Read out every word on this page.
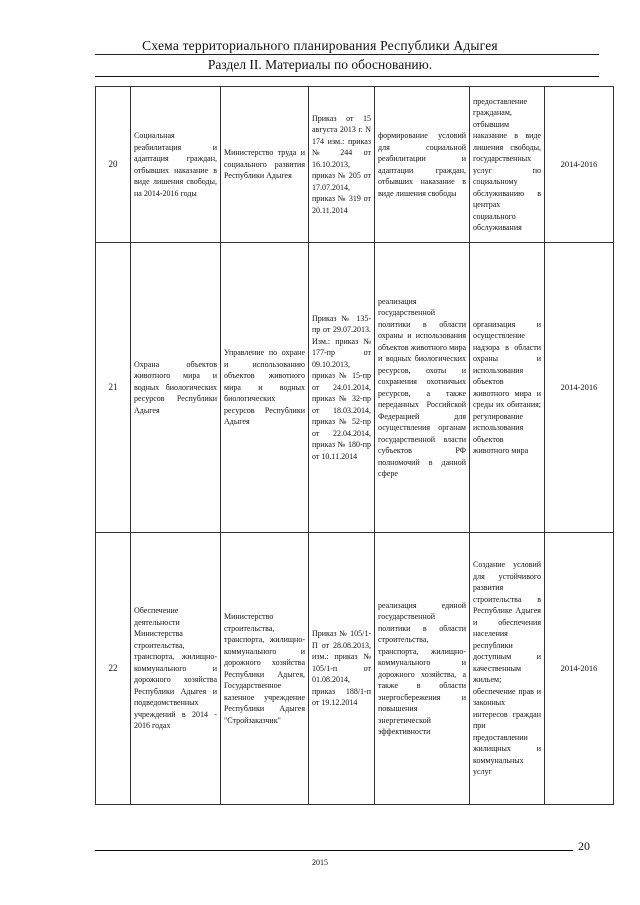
Схема территориального планирования Республики Адыгея
Раздел II. Материалы по обоснованию.
20	Социальная реабилитация и адаптация граждан, отбывших наказание в виде лишения свободы, на 2014-2016 годы	Министерство труда и социального развития Республики Адыгея	Приказ от 15 августа 2013 г. N 174 изм.: приказ № 244 от 16.10.2013, приказ № 205 от 17.07.2014, приказ № 319 от 20.11.2014	формирование условий для социальной реабилитации и адаптации граждан, отбывших наказание в виде лишения свободы	предоставление гражданам, отбывшим наказание в виде лишения свободы, государственных услуг по социальному обслуживанию в центрах социального обслуживания	2014-2016
21	Охрана объектов животного мира и водных биологических ресурсов Республики Адыгея	Управление по охране и использованию объектов животного мира и водных биологических ресурсов Республики Адыгея	Приказ № 135-пр от 29.07.2013. Изм.: приказ № 177-пр от 09.10.2013, приказ № 15-пр от 24.01.2014, приказ № 32-пр от 18.03.2014, приказ № 52-пр от 22.04.2014, приказ № 180-пр от 10.11.2014	реализация государственной политики в области охраны и использования объектов животного мира и водных биологических ресурсов, охоты и сохранения охотничьих ресурсов, а также переданных Российской Федерацией для осуществления органам государственной власти субъектов РФ полномочий в данной сфере	организация и осуществление надзора в области охраны и использования объектов животного мира и среды их обитания; регулирование использования объектов животного мира	2014-2016
22	Обеспечение деятельности Министерства строительства, транспорта, жилищно-коммунального и дорожного хозяйства Республики Адыгея и подведомственных учреждений в 2014 - 2016 годах	Министерство строительства, транспорта, жилищно-коммунального и дорожного хозяйства Республики Адыгея, Государственное казенное учреждение Республики Адыгея "Стройзаказчик"	Приказ № 105/1-П от 28.08.2013, изм.: приказ № 105/1-п от 01.08.2014, приказ 188/1-п от 19.12.2014	реализация единой государственной политики в области строительства, транспорта, жилищно-коммунального и дорожного хозяйства, а также в области энергосбережения и повышения энергетической эффективности	Создание условий для устойчивого развития строительства в Республике Адыгея и обеспечения населения республики доступным и качественным жильем; обеспечение прав и законных интересов граждан при предоставлении жилищных и коммунальных услуг	2014-2016
20
2015
